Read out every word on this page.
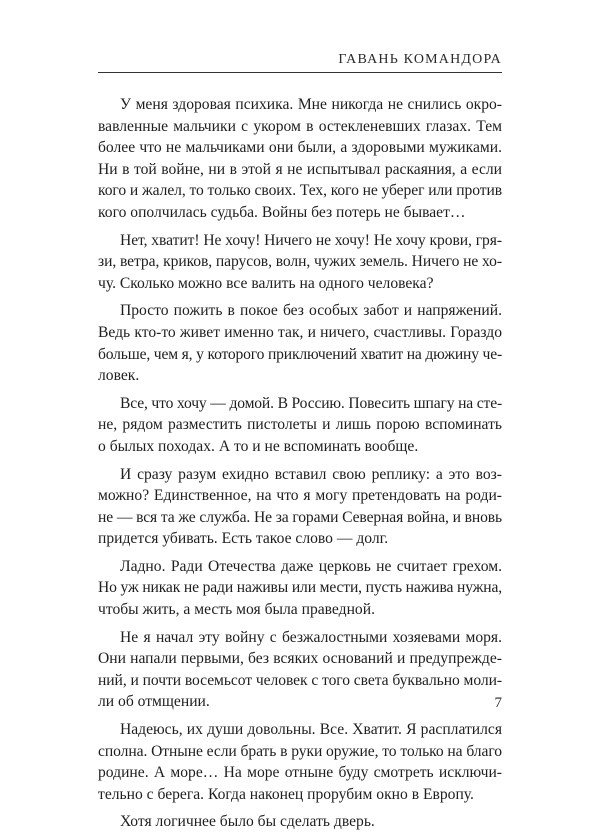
ГАВАНЬ КОМАНДОРА

У меня здоровая психика. Мне никогда не снились окро-
вавленные мальчики с укором в остекленевших глазах. Тем
более что не мальчиками они были, а здоровыми мужиками.
Ни в той войне, ни в этой я не испытывал раскаяния, а если
кого и жалел, то только своих. Тех, кого не уберег или против
кого ополчилась судьба. Войны без потерь не бывает…

Нет, хватит! Не хочу! Ничего не хочу! Не хочу крови, гря-
зи, ветра, криков, парусов, волн, чужих земель. Ничего не хо-
чу. Сколько можно все валить на одного человека?

Просто пожить в покое без особых забот и напряжений.
Ведь кто-то живет именно так, и ничего, счастливы. Гораздо
больше, чем я, у которого приключений хватит на дюжину че-
ловек.

Все, что хочу — домой. В Россию. Повесить шпагу на сте-
не, рядом разместить пистолеты и лишь порою вспоминать
о былых походах. А то и не вспоминать вообще.

И сразу разум ехидно вставил свою реплику: а это воз-
можно? Единственное, на что я могу претендовать на роди-
не — вся та же служба. Не за горами Северная война, и вновь
придется убивать. Есть такое слово — долг.

Ладно. Ради Отечества даже церковь не считает грехом.
Но уж никак не ради наживы или мести, пусть нажива нужна,
чтобы жить, а месть моя была праведной.

Не я начал эту войну с безжалостными хозяевами моря.
Они напали первыми, без всяких оснований и предупрежде-
ний, и почти восемьсот человек с того света буквально моли-
ли об отмщении.

Надеюсь, их души довольны. Все. Хватит. Я расплатился
сполна. Отныне если брать в руки оружие, то только на благо
родине. А море… На море отныне буду смотреть исключи-
тельно с берега. Когда наконец прорубим окно в Европу.

Хотя логичнее было бы сделать дверь.

7
